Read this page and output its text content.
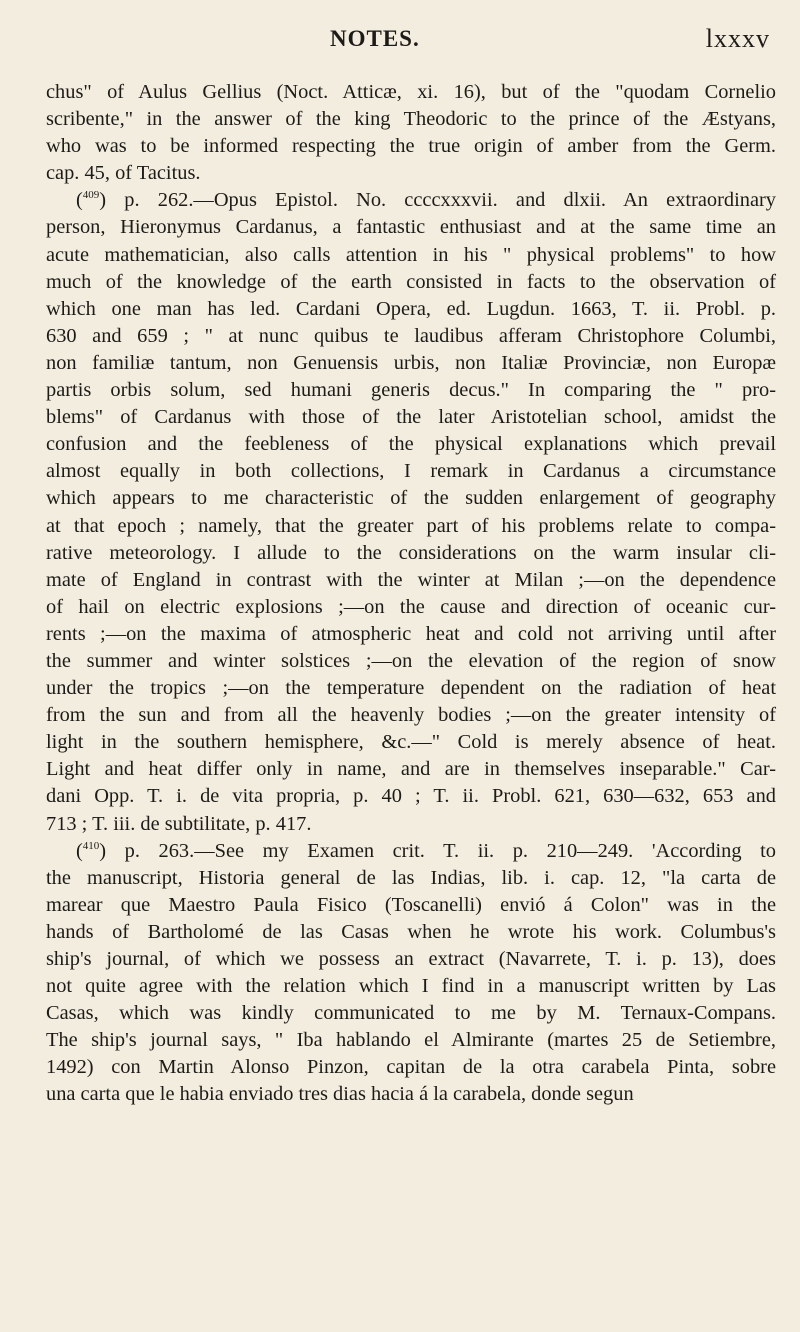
NOTES.	lxxxv
chus" of Aulus Gellius (Noct. Atticæ, xi. 16), but of the "quodam Cornelio
scribente," in the answer of the king Theodoric to the prince of the Æstyans,
who was to be informed respecting the true origin of amber from the Germ.
cap. 45, of Tacitus.
($^{409}$) p. 262.—Opus Epistol. No. ccccxxxvii. and dlxii. An extraordinary
person, Hieronymus Cardanus, a fantastic enthusiast and at the same time an
acute mathematician, also calls attention in his " physical problems" to how
much of the knowledge of the earth consisted in facts to the observation of
which one man has led. Cardani Opera, ed. Lugdun. 1663, T. ii. Probl. p.
630 and 659 ; " at nunc quibus te laudibus afferam Christophore Columbi,
non familiæ tantum, non Genuensis urbis, non Italiæ Provinciæ, non Europæ
partis orbis solum, sed humani generis decus." In comparing the " pro-
blems" of Cardanus with those of the later Aristotelian school, amidst the
confusion and the feebleness of the physical explanations which prevail
almost equally in both collections, I remark in Cardanus a circumstance
which appears to me characteristic of the sudden enlargement of geography
at that epoch ; namely, that the greater part of his problems relate to compa-
rative meteorology. I allude to the considerations on the warm insular cli-
mate of England in contrast with the winter at Milan ;—on the dependence
of hail on electric explosions ;—on the cause and direction of oceanic cur-
rents ;—on the maxima of atmospheric heat and cold not arriving until after
the summer and winter solstices ;—on the elevation of the region of snow
under the tropics ;—on the temperature dependent on the radiation of heat
from the sun and from all the heavenly bodies ;—on the greater intensity of
light in the southern hemisphere, &c.—" Cold is merely absence of heat.
Light and heat differ only in name, and are in themselves inseparable." Car-
dani Opp. T. i. de vita propria, p. 40 ; T. ii. Probl. 621, 630—632, 653 and
713 ; T. iii. de subtilitate, p. 417.
($^{410}$) p. 263.—See my Examen crit. T. ii. p. 210—249. 'According to
the manuscript, Historia general de las Indias, lib. i. cap. 12, "la carta de
marear que Maestro Paula Fisico (Toscanelli) envió á Colon" was in the
hands of Bartholomé de las Casas when he wrote his work. Columbus's
ship's journal, of which we possess an extract (Navarrete, T. i. p. 13), does
not quite agree with the relation which I find in a manuscript written by Las
Casas, which was kindly communicated to me by M. Ternaux-Compans.
The ship's journal says, " Iba hablando el Almirante (martes 25 de Setiembre,
1492) con Martin Alonso Pinzon, capitan de la otra carabela Pinta, sobre
una carta que le habia enviado tres dias hacia á la carabela, donde segun
